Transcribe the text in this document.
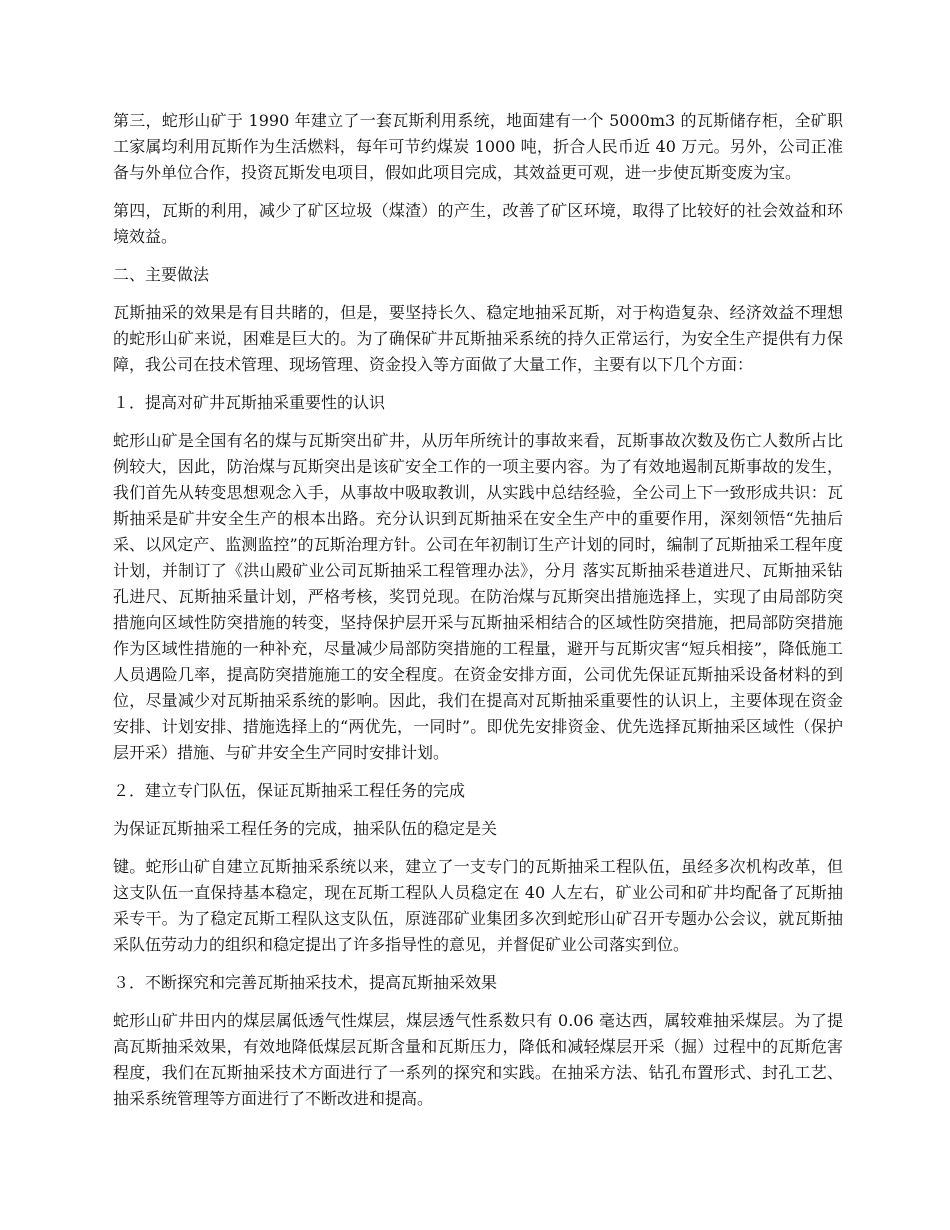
第三，蛇形山矿于 1990 年建立了一套瓦斯利用系统，地面建有一个 5000m3 的瓦斯储存柜，全矿职工家属均利用瓦斯作为生活燃料，每年可节约煤炭 1000 吨，折合人民币近 40 万元。另外，公司正准备与外单位合作，投资瓦斯发电项目，假如此项目完成，其效益更可观，进一步使瓦斯变废为宝。

第四，瓦斯的利用，减少了矿区垃圾（煤渣）的产生，改善了矿区环境，取得了比较好的社会效益和环境效益。

二、主要做法

瓦斯抽采的效果是有目共睹的，但是，要坚持长久、稳定地抽采瓦斯，对于构造复杂、经济效益不理想的蛇形山矿来说，困难是巨大的。为了确保矿井瓦斯抽采系统的持久正常运行，为安全生产提供有力保障，我公司在技术管理、现场管理、资金投入等方面做了大量工作，主要有以下几个方面：

１．提高对矿井瓦斯抽采重要性的认识

蛇形山矿是全国有名的煤与瓦斯突出矿井，从历年所统计的事故来看，瓦斯事故次数及伤亡人数所占比例较大，因此，防治煤与瓦斯突出是该矿安全工作的一项主要内容。为了有效地遏制瓦斯事故的发生，我们首先从转变思想观念入手，从事故中吸取教训，从实践中总结经验，全公司上下一致形成共识：瓦斯抽采是矿井安全生产的根本出路。充分认识到瓦斯抽采在安全生产中的重要作用，深刻领悟“先抽后采、以风定产、监测监控”的瓦斯治理方针。公司在年初制订生产计划的同时，编制了瓦斯抽采工程年度计划，并制订了《洪山殿矿业公司瓦斯抽采工程管理办法》，分月 落实瓦斯抽采巷道进尺、瓦斯抽采钻孔进尺、瓦斯抽采量计划，严格考核，奖罚兑现。在防治煤与瓦斯突出措施选择上，实现了由局部防突措施向区域性防突措施的转变，坚持保护层开采与瓦斯抽采相结合的区域性防突措施，把局部防突措施作为区域性措施的一种补充，尽量减少局部防突措施的工程量，避开与瓦斯灾害“短兵相接”，降低施工人员遇险几率，提高防突措施施工的安全程度。在资金安排方面，公司优先保证瓦斯抽采设备材料的到位，尽量减少对瓦斯抽采系统的影响。因此，我们在提高对瓦斯抽采重要性的认识上，主要体现在资金安排、计划安排、措施选择上的“两优先，一同时”。即优先安排资金、优先选择瓦斯抽采区域性（保护层开采）措施、与矿井安全生产同时安排计划。

２．建立专门队伍，保证瓦斯抽采工程任务的完成

为保证瓦斯抽采工程任务的完成，抽采队伍的稳定是关

键。蛇形山矿自建立瓦斯抽采系统以来，建立了一支专门的瓦斯抽采工程队伍，虽经多次机构改革，但这支队伍一直保持基本稳定，现在瓦斯工程队人员稳定在 40 人左右，矿业公司和矿井均配备了瓦斯抽采专干。为了稳定瓦斯工程队这支队伍，原涟邵矿业集团多次到蛇形山矿召开专题办公会议，就瓦斯抽采队伍劳动力的组织和稳定提出了许多指导性的意见，并督促矿业公司落实到位。

３．不断探究和完善瓦斯抽采技术，提高瓦斯抽采效果

蛇形山矿井田内的煤层属低透气性煤层，煤层透气性系数只有 0.06 毫达西，属较难抽采煤层。为了提高瓦斯抽采效果，有效地降低煤层瓦斯含量和瓦斯压力，降低和减轻煤层开采（掘）过程中的瓦斯危害程度，我们在瓦斯抽采技术方面进行了一系列的探究和实践。在抽采方法、钻孔布置形式、封孔工艺、抽采系统管理等方面进行了不断改进和提高。
